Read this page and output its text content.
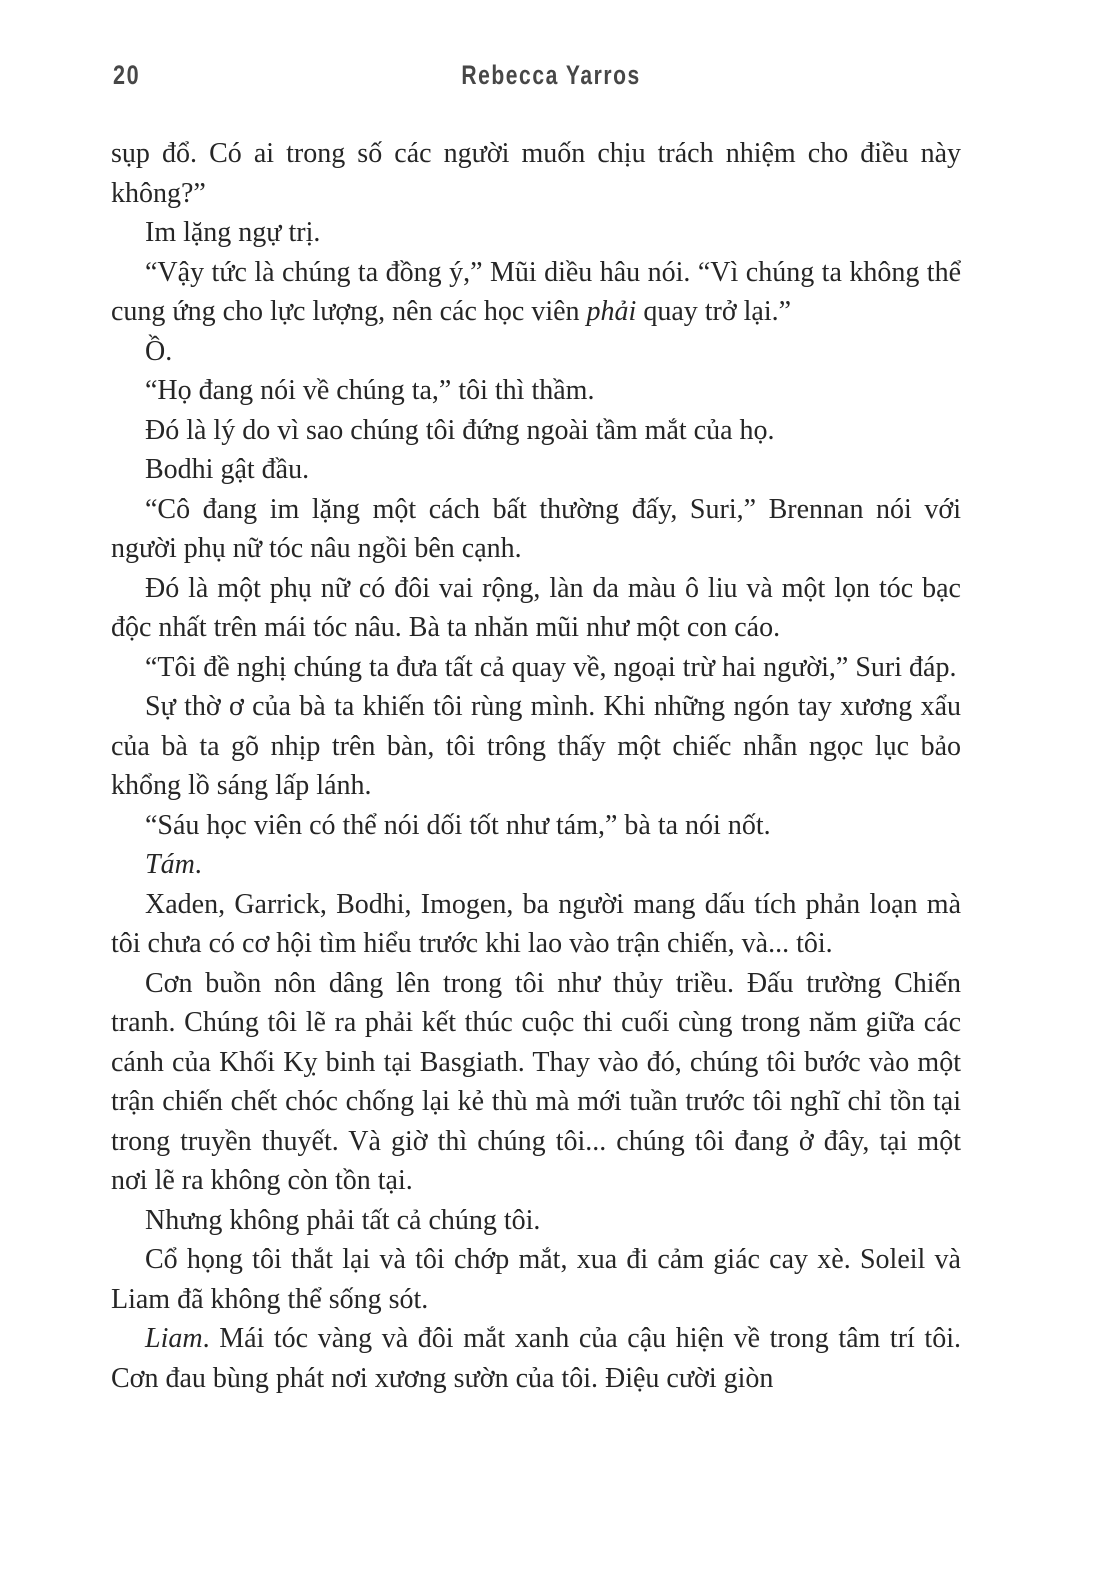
20	Rebecca Yarros

sụp đổ. Có ai trong số các người muốn chịu trách nhiệm cho điều này không?”

Im lặng ngự trị.

“Vậy tức là chúng ta đồng ý,” Mũi diều hâu nói. “Vì chúng ta không thể cung ứng cho lực lượng, nên các học viên phải quay trở lại.”

Ồ.

“Họ đang nói về chúng ta,” tôi thì thầm.

Đó là lý do vì sao chúng tôi đứng ngoài tầm mắt của họ.

Bodhi gật đầu.

“Cô đang im lặng một cách bất thường đấy, Suri,” Brennan nói với người phụ nữ tóc nâu ngồi bên cạnh.

Đó là một phụ nữ có đôi vai rộng, làn da màu ô liu và một lọn tóc bạc độc nhất trên mái tóc nâu. Bà ta nhăn mũi như một con cáo.

“Tôi đề nghị chúng ta đưa tất cả quay về, ngoại trừ hai người,” Suri đáp.

Sự thờ ơ của bà ta khiến tôi rùng mình. Khi những ngón tay xương xẩu của bà ta gõ nhịp trên bàn, tôi trông thấy một chiếc nhẫn ngọc lục bảo khổng lồ sáng lấp lánh.

“Sáu học viên có thể nói dối tốt như tám,” bà ta nói nốt.

Tám.

Xaden, Garrick, Bodhi, Imogen, ba người mang dấu tích phản loạn mà tôi chưa có cơ hội tìm hiểu trước khi lao vào trận chiến, và... tôi.

Cơn buồn nôn dâng lên trong tôi như thủy triều. Đấu trường Chiến tranh. Chúng tôi lẽ ra phải kết thúc cuộc thi cuối cùng trong năm giữa các cánh của Khối Kỵ binh tại Basgiath. Thay vào đó, chúng tôi bước vào một trận chiến chết chóc chống lại kẻ thù mà mới tuần trước tôi nghĩ chỉ tồn tại trong truyền thuyết. Và giờ thì chúng tôi... chúng tôi đang ở đây, tại một nơi lẽ ra không còn tồn tại.

Nhưng không phải tất cả chúng tôi.

Cổ họng tôi thắt lại và tôi chớp mắt, xua đi cảm giác cay xè. Soleil và Liam đã không thể sống sót.

Liam. Mái tóc vàng và đôi mắt xanh của cậu hiện về trong tâm trí tôi. Cơn đau bùng phát nơi xương sườn của tôi. Điệu cười giòn
